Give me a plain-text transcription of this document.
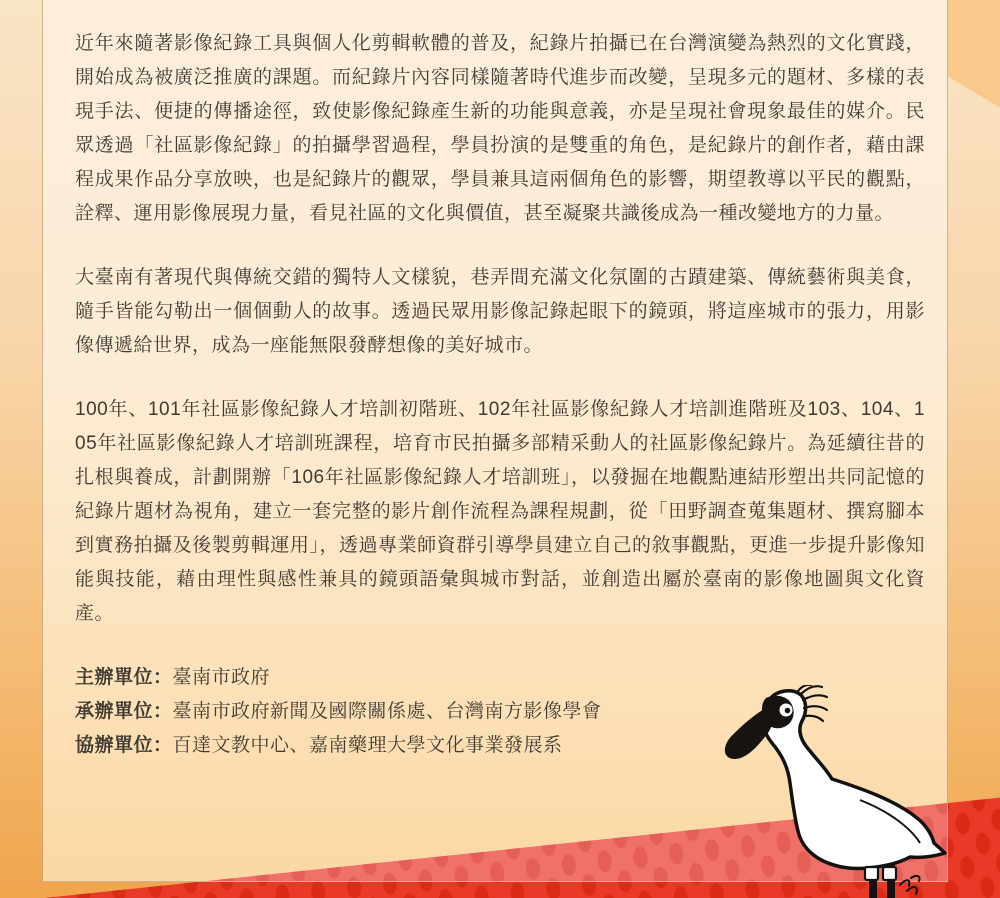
近年來隨著影像紀錄工具與個人化剪輯軟體的普及，紀錄片拍攝已在台灣演變為熱烈的文化實踐，開始成為被廣泛推廣的課題。而紀錄片內容同樣隨著時代進步而改變，呈現多元的題材、多樣的表現手法、便捷的傳播途徑，致使影像紀錄產生新的功能與意義，亦是呈現社會現象最佳的媒介。民眾透過「社區影像紀錄」的拍攝學習過程，學員扮演的是雙重的角色，是紀錄片的創作者，藉由課程成果作品分享放映，也是紀錄片的觀眾，學員兼具這兩個角色的影響，期望教導以平民的觀點，詮釋、運用影像展現力量，看見社區的文化與價值，甚至凝聚共識後成為一種改變地方的力量。

大臺南有著現代與傳統交錯的獨特人文樣貌，巷弄間充滿文化氛圍的古蹟建築、傳統藝術與美食，隨手皆能勾勒出一個個動人的故事。透過民眾用影像記錄起眼下的鏡頭，將這座城市的張力，用影像傳遞給世界，成為一座能無限發酵想像的美好城市。

100年、101年社區影像紀錄人才培訓初階班、102年社區影像紀錄人才培訓進階班及103、104、105年社區影像紀錄人才培訓班課程，培育市民拍攝多部精采動人的社區影像紀錄片。為延續往昔的扎根與養成，計劃開辦「106年社區影像紀錄人才培訓班」，以發掘在地觀點連結形塑出共同記憶的紀錄片題材為視角，建立一套完整的影片創作流程為課程規劃，從「田野調查蒐集題材、撰寫腳本到實務拍攝及後製剪輯運用」，透過專業師資群引導學員建立自己的敘事觀點，更進一步提升影像知能與技能，藉由理性與感性兼具的鏡頭語彙與城市對話，並創造出屬於臺南的影像地圖與文化資產。

主辦單位：臺南市政府

承辦單位：臺南市政府新聞及國際關係處、台灣南方影像學會

協辦單位：百達文教中心、嘉南藥理大學文化事業發展系
